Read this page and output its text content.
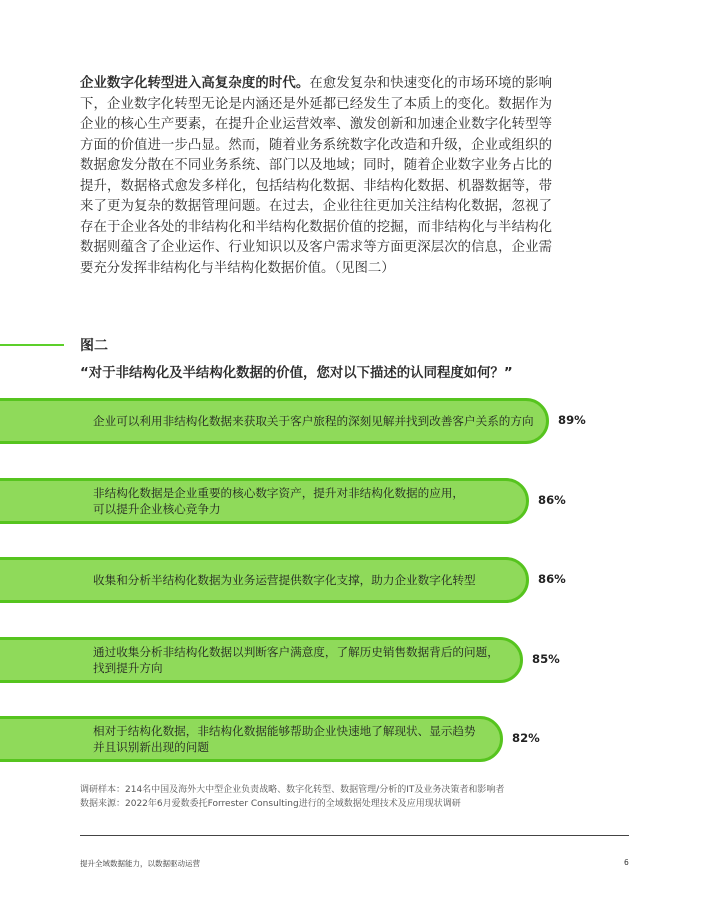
企业数字化转型进入高复杂度的时代。在愈发复杂和快速变化的市场环境的影响下，企业数字化转型无论是内涵还是外延都已经发生了本质上的变化。数据作为企业的核心生产要素，在提升企业运营效率、激发创新和加速企业数字化转型等方面的价值进一步凸显。然而，随着业务系统数字化改造和升级，企业或组织的数据愈发分散在不同业务系统、部门以及地域；同时，随着企业数字业务占比的提升，数据格式愈发多样化，包括结构化数据、非结构化数据、机器数据等，带来了更为复杂的数据管理问题。在过去，企业往往更加关注结构化数据，忽视了存在于企业各处的非结构化和半结构化数据价值的挖掘，而非结构化与半结构化数据则蕴含了企业运作、行业知识以及客户需求等方面更深层次的信息，企业需要充分发挥非结构化与半结构化数据价值。（见图二）

图二

“对于非结构化及半结构化数据的价值，您对以下描述的认同程度如何？”

企业可以利用非结构化数据来获取关于客户旅程的深刻见解并找到改善客户关系的方向 89%
非结构化数据是企业重要的核心数字资产，提升对非结构化数据的应用，
可以提升企业核心竞争力
86%
收集和分析半结构化数据为业务运营提供数字化支撑，助力企业数字化转型	86%
通过收集分析非结构化数据以判断客户满意度，了解历史销售数据背后的问题，
找到提升方向
85%
相对于结构化数据，非结构化数据能够帮助企业快速地了解现状、显示趋势
并且识别新出现的问题
82%

调研样本：214名中国及海外大中型企业负责战略、数字化转型、数据管理/分析的IT及业务决策者和影响者
数据来源：2022年6月爱数委托Forrester Consulting进行的全域数据处理技术及应用现状调研

提升全域数据能力，以数据驱动运营	6
